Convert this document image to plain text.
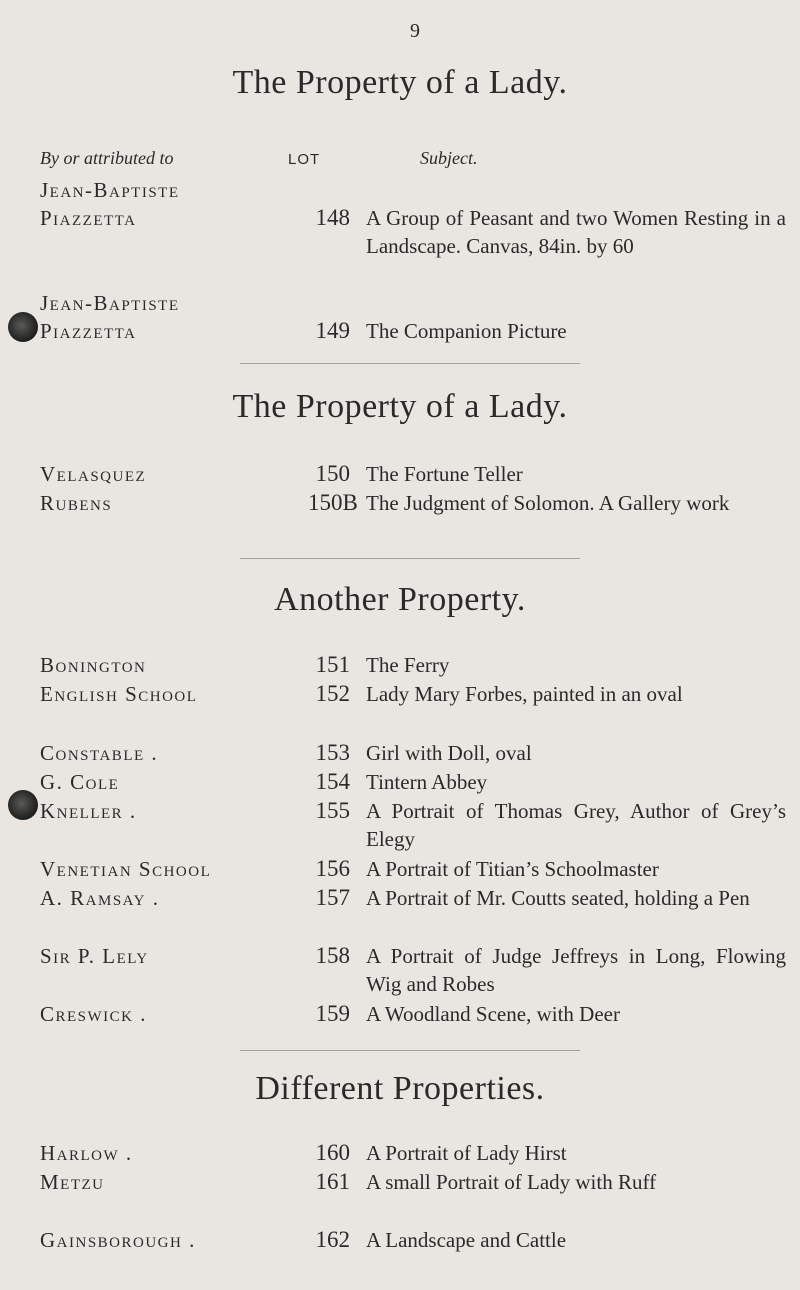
9
The Property of a Lady.
By or attributed to	LOT	Subject.
Jean-Baptiste
Piazzetta	148 A Group of Peasant and two Women Resting in a Landscape. Canvas, 84in. by 60
Jean-Baptiste
Piazzetta	149 The Companion Picture
The Property of a Lady.
Velasquez	150 The Fortune Teller
Rubens	150B The Judgment of Solomon. A Gallery work
Another Property.
Bonington	151 The Ferry
English School	152 Lady Mary Forbes, painted in an oval
Constable .	153 Girl with Doll, oval
G. Cole	154 Tintern Abbey
Kneller .	155 A Portrait of Thomas Grey, Author of Grey’s Elegy
Venetian School	156 A Portrait of Titian’s Schoolmaster
A. Ramsay .	157 A Portrait of Mr. Coutts seated, holding a Pen
Sir P. Lely	158 A Portrait of Judge Jeffreys in Long, Flowing Wig and Robes
Creswick .	159 A Woodland Scene, with Deer
Different Properties.
Harlow .	160 A Portrait of Lady Hirst
Metzu	161 A small Portrait of Lady with Ruff
Gainsborough .	162 A Landscape and Cattle
